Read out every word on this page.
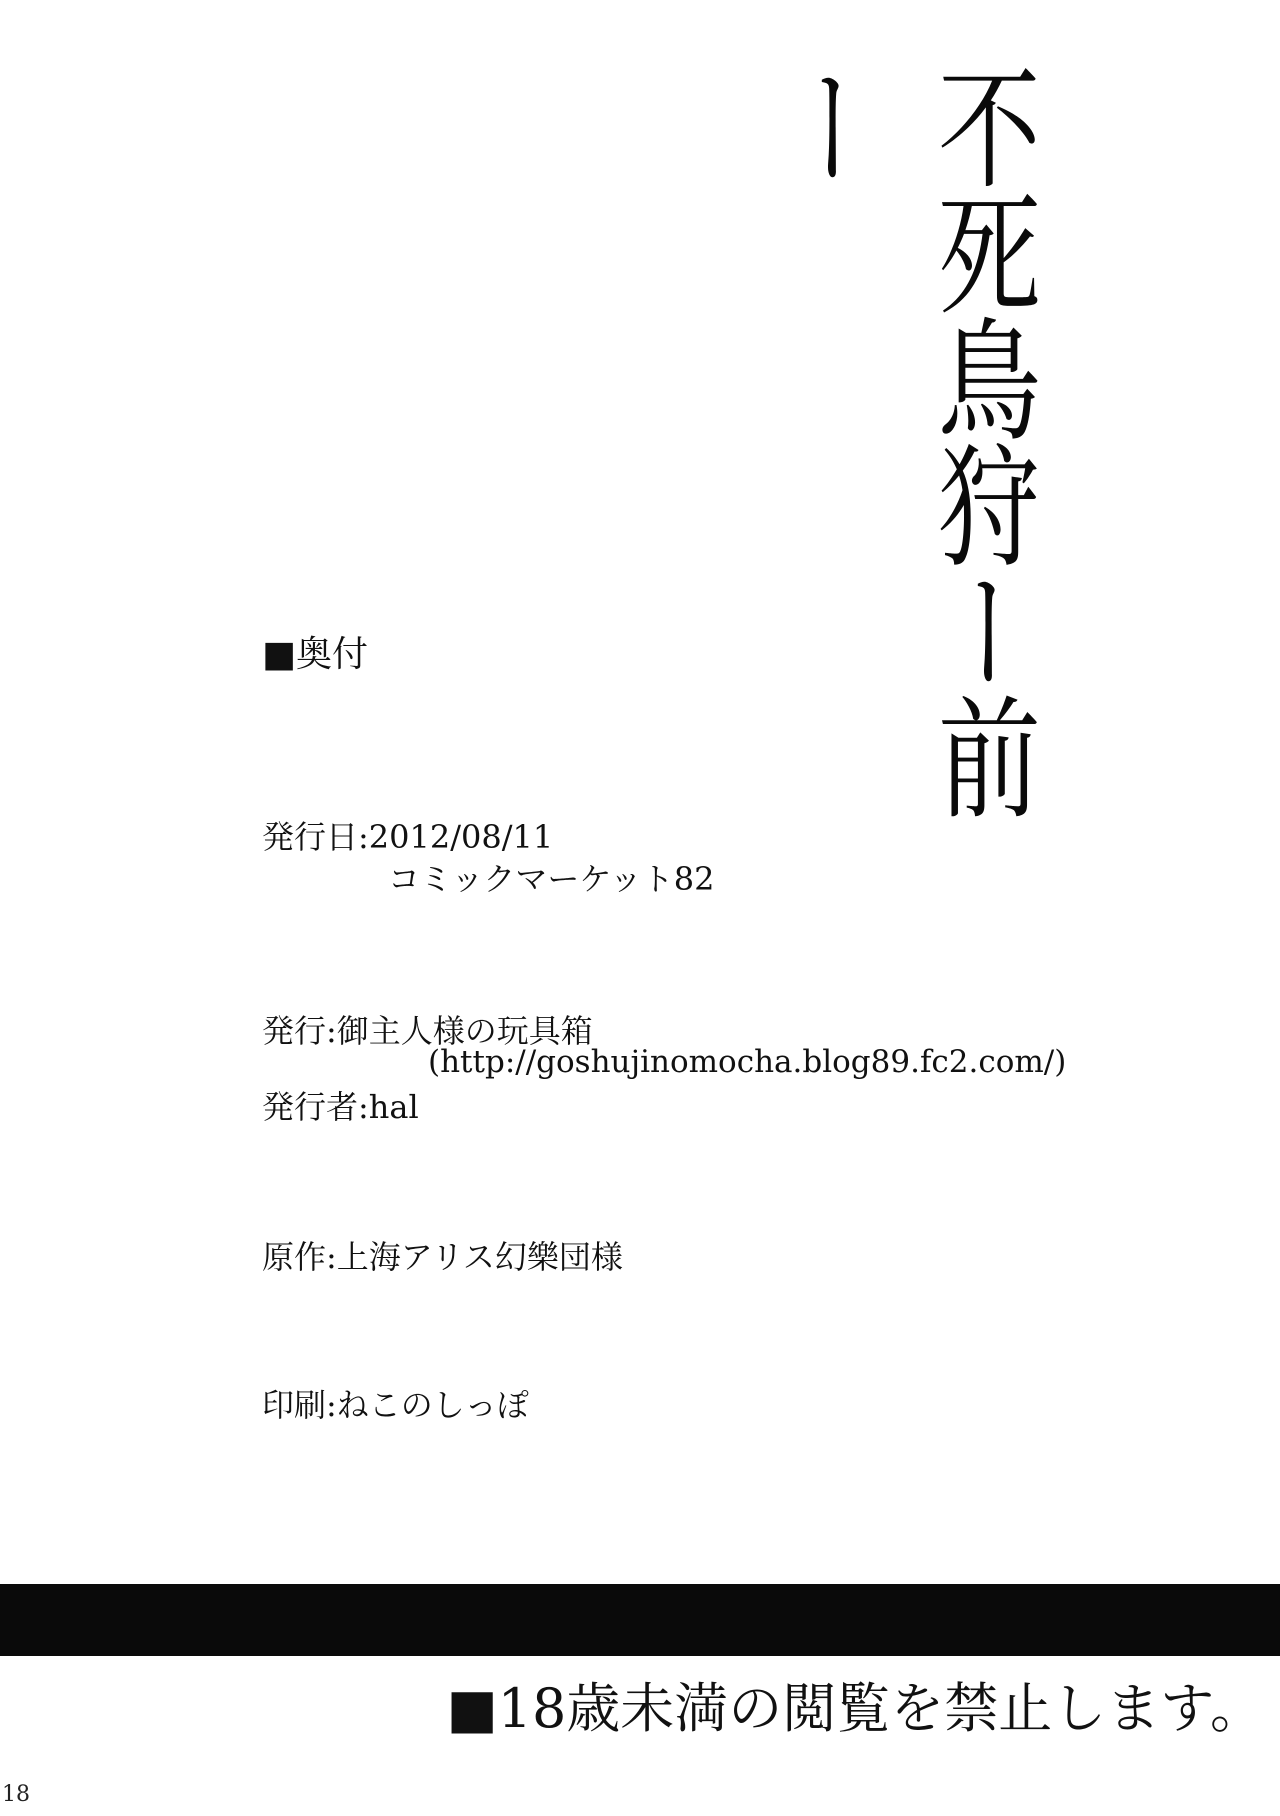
不死鳥狩ー前ー
■奥付
発行日:2012/08/11
コミックマーケット82
発行:御主人様の玩具箱
(http://goshujinomocha.blog89.fc2.com/)
発行者:hal
原作:上海アリス幻樂団様
印刷:ねこのしっぽ
■18歳未満の閲覧を禁止します。
18
